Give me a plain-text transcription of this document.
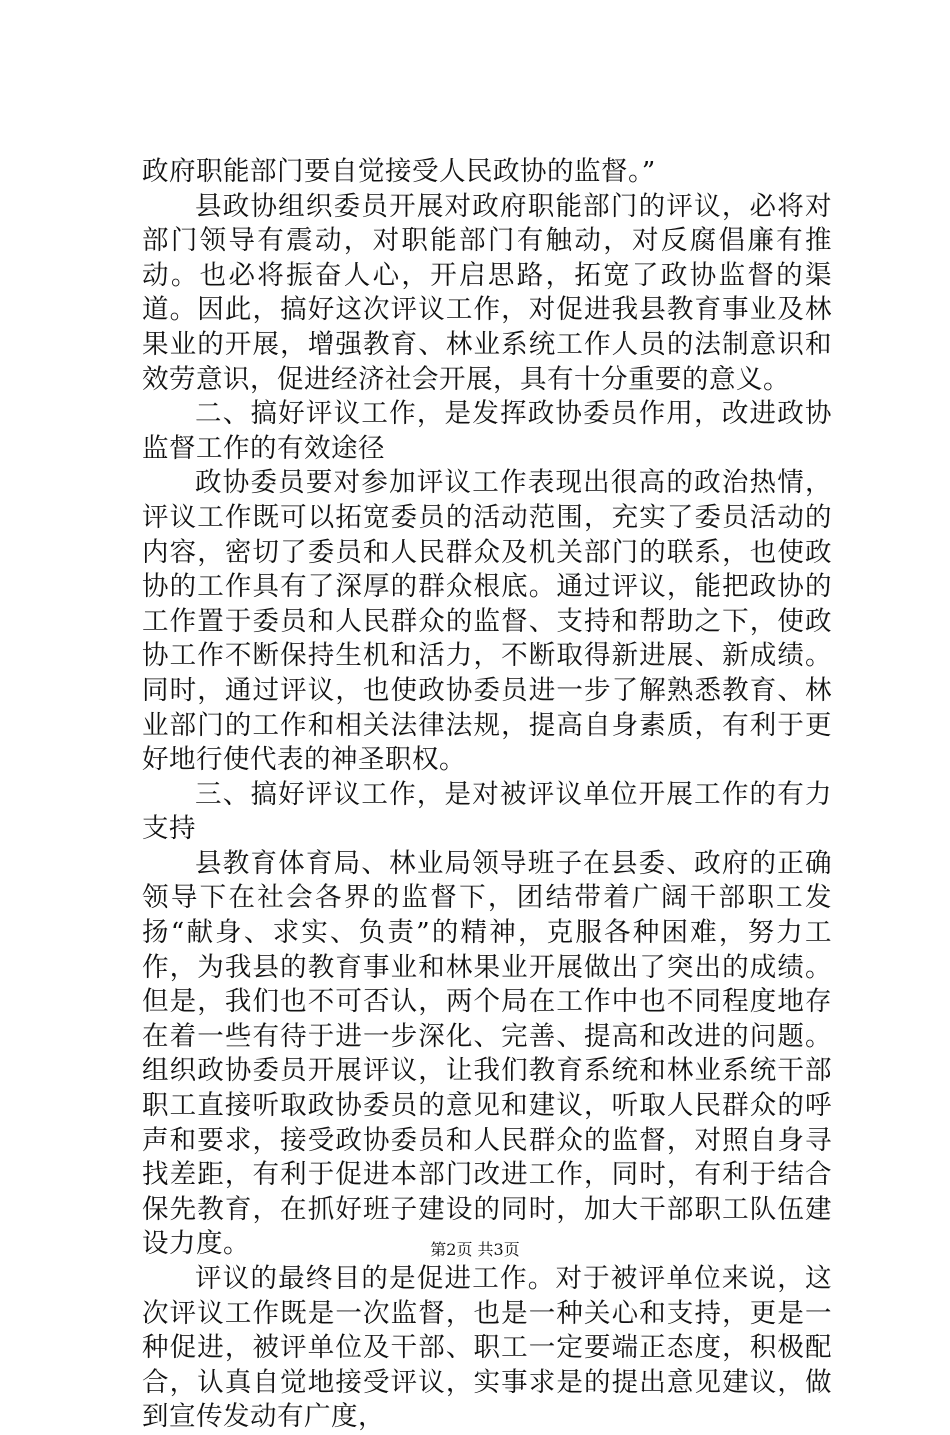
政府职能部门要自觉接受人民政协的监督。”

县政协组织委员开展对政府职能部门的评议，必将对部门领导有震动，对职能部门有触动，对反腐倡廉有推动。也必将振奋人心，开启思路，拓宽了政协监督的渠道。因此，搞好这次评议工作，对促进我县教育事业及林果业的开展，增强教育、林业系统工作人员的法制意识和效劳意识，促进经济社会开展，具有十分重要的意义。

二、搞好评议工作，是发挥政协委员作用，改进政协监督工作的有效途径

政协委员要对参加评议工作表现出很高的政治热情，评议工作既可以拓宽委员的活动范围，充实了委员活动的内容，密切了委员和人民群众及机关部门的联系，也使政协的工作具有了深厚的群众根底。通过评议，能把政协的工作置于委员和人民群众的监督、支持和帮助之下，使政协工作不断保持生机和活力，不断取得新进展、新成绩。同时，通过评议，也使政协委员进一步了解熟悉教育、林业部门的工作和相关法律法规，提高自身素质，有利于更好地行使代表的神圣职权。

三、搞好评议工作，是对被评议单位开展工作的有力支持

县教育体育局、林业局领导班子在县委、政府的正确领导下在社会各界的监督下，团结带着广阔干部职工发扬“献身、求实、负责”的精神，克服各种困难，努力工作，为我县的教育事业和林果业开展做出了突出的成绩。但是，我们也不可否认，两个局在工作中也不同程度地存在着一些有待于进一步深化、完善、提高和改进的问题。组织政协委员开展评议，让我们教育系统和林业系统干部职工直接听取政协委员的意见和建议，听取人民群众的呼声和要求，接受政协委员和人民群众的监督，对照自身寻找差距，有利于促进本部门改进工作，同时，有利于结合保先教育，在抓好班子建设的同时，加大干部职工队伍建设力度。

评议的最终目的是促进工作。对于被评单位来说，这次评议工作既是一次监督，也是一种关心和支持，更是一种促进，被评单位及干部、职工一定要端正态度，积极配合，认真自觉地接受评议，实事求是的提出意见建议，做到宣传发动有广度，

第2页 共3页
